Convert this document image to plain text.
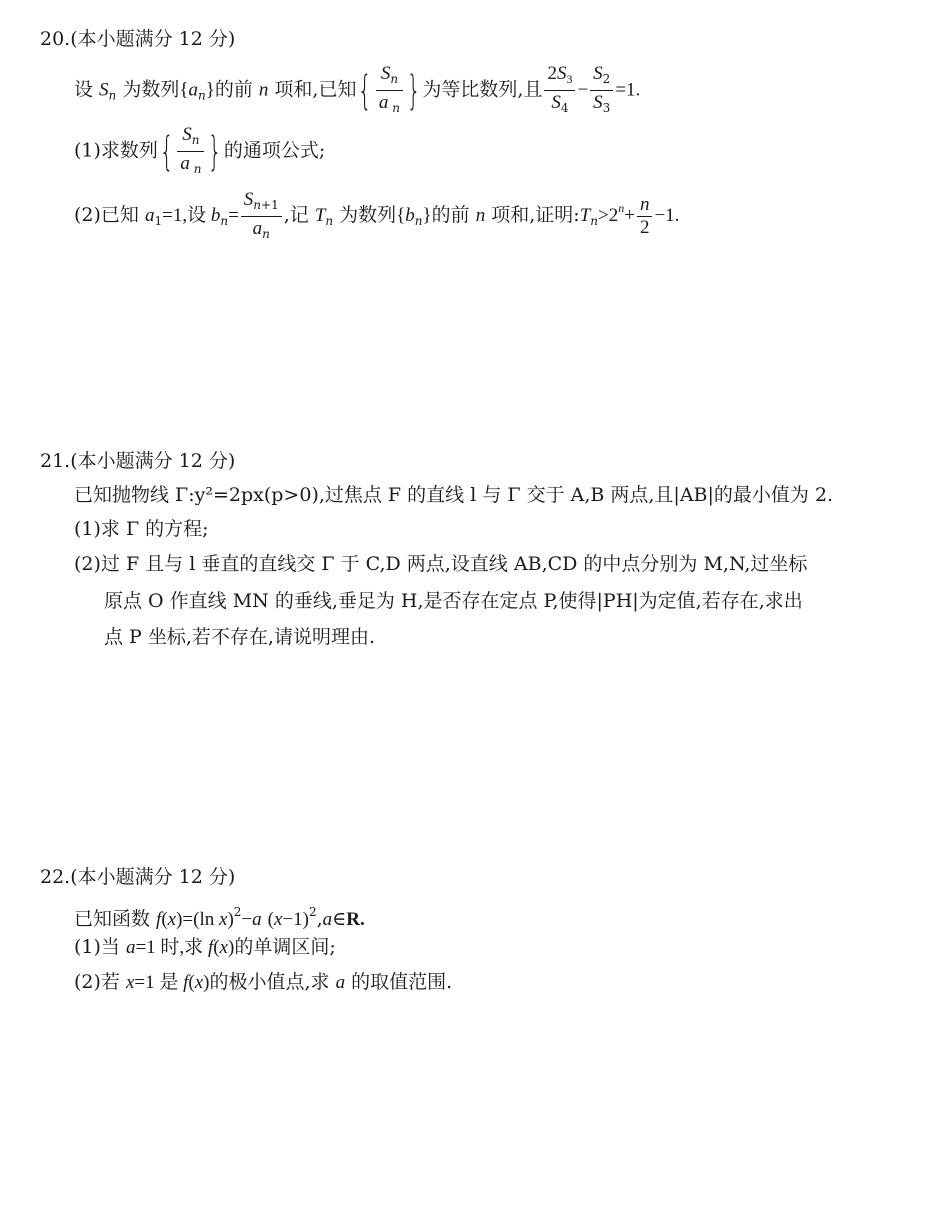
20.(本小题满分 12 分)
设 $S_n$ 为数列$\{a_n\}$的前 n 项和,已知{ $\frac{S_n}{a _n}$ }为等比数列,且 $\frac{2S_3}{S_4} - \frac{S_2}{S_3} =1$.
(1)求数列{ $\frac{S_n}{a _n}$ }的通项公式;
(2)已知 $a_1=1$,设 $b_n= \frac{S_{n+1}}{a_n}$ ,记 $T_n$ 为数列$\{b_n\}$的前 n 项和,证明$:T_n>2^n+ \frac{n}{2} -1$.
21.(本小题满分 12 分)
已知抛物线 Γ:y²=2px(p>0),过焦点 F 的直线 l 与 Γ 交于 A,B 两点,且|AB|的最小值为 2.
(1)求 Γ 的方程;
(2)过 F 且与 l 垂直的直线交 Γ 于 C,D 两点,设直线 AB,CD 的中点分别为 M,N,过坐标
原点 O 作直线 MN 的垂线,垂足为 H,是否存在定点 P,使得|PH|为定值,若存在,求出
点 P 坐标,若不存在,请说明理由.
22.(本小题满分 12 分)
已知函数 f(x)=(ln x)$^2$−a $(x-1)^2,a\in R$.
(1)当 a=1 时,求 f(x)的单调区间;
(2)若 x=1 是 f(x)的极小值点,求 a 的取值范围.
